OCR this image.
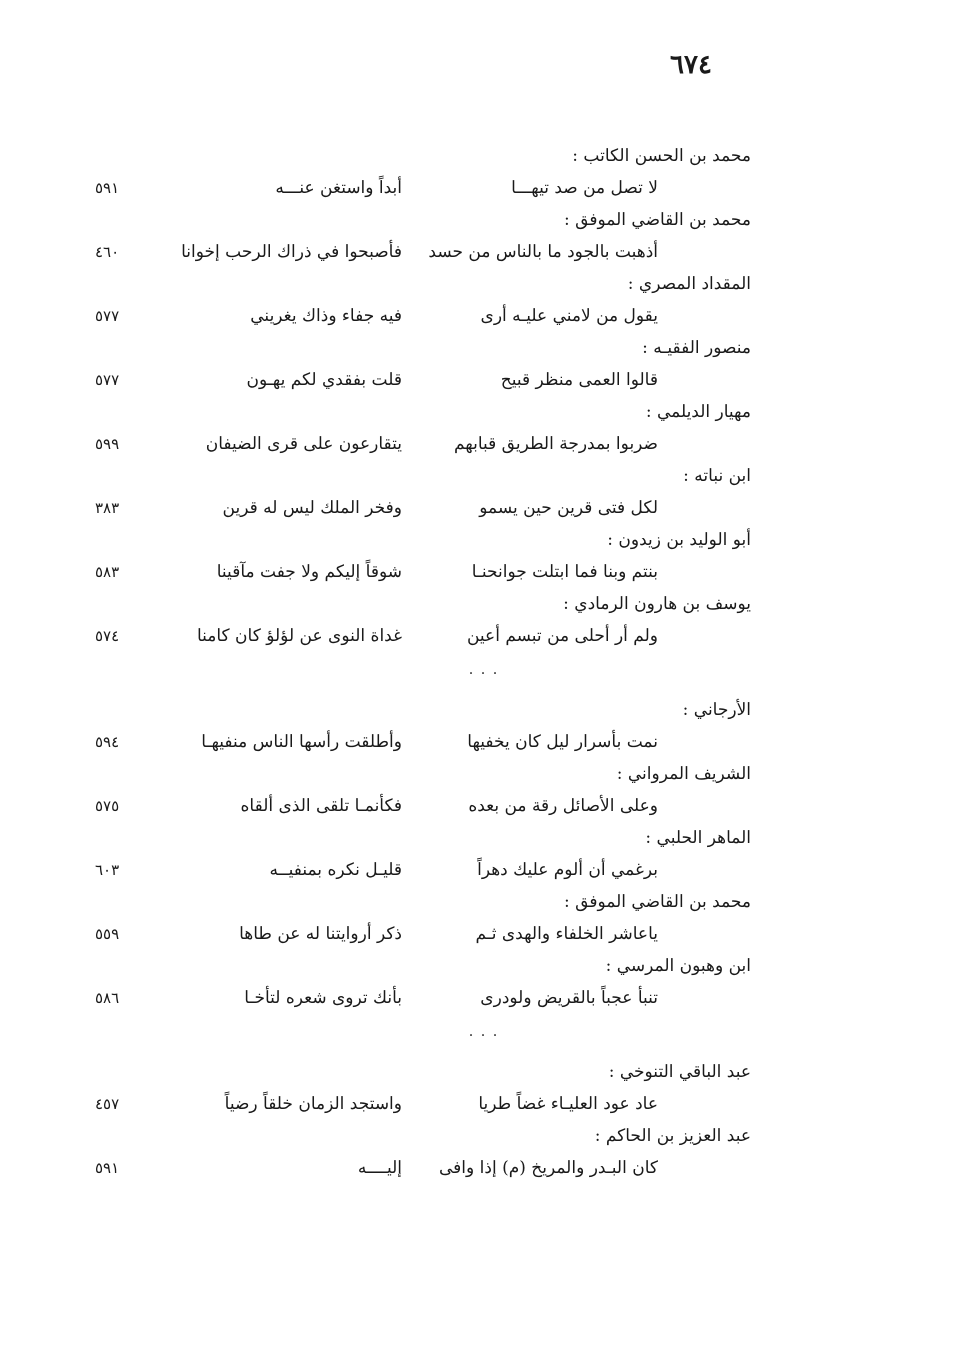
٦٧٤
محمد بن الحسن الكاتب :
لا تصل من صد تيهـــا
أبداً واستغن عنـــه
٥٩١
محمد بن القاضي الموفق :
أذهبت بالجود ما بالناس من حسد
فأصبحوا في ذراك الرحب إخوانا
٤٦٠
المقداد المصري :
يقول من لامني عليـه أرى
فيه جفاء وذاك يغريني
٥٧٧
منصور الفقيـه :
قالوا العمى منظر قبيح
قلت بفقدي لكم يهـون
٥٧٧
مهيار الديلمي :
ضربوا بمدرجة الطريق قبابهم
يتقارعون على قرى الضيفان
٥٩٩
ابن نباته :
لكل فتى قرين حين يسمو
وفخر الملك ليس له قرين
٣٨٣
أبو الوليد بن زيدون :
بنتم وبنا فما ابتلت جوانحنـا
شوقاً إليكم ولا جفت مآقينا
٥٨٣
يوسف بن هارون الرمادي :
ولم أر أحلى من تبسم أعين
غداة النوى عن لؤلؤ كان كامنا
٥٧٤
٠ ٠ ٠
الأرجاني :
نمت بأسرار ليل كان يخفيها
وأطلقت رأسها الناس منفيهـا
٥٩٤
الشريف المرواني :
وعلى الأصائل رقة من بعده
فكأنمـا تلقى الذى ألقاه
٥٧٥
الماهر الحلبي :
برغمي أن ألوم عليك دهراً
قليـل نكره بمنفيــه
٦٠٣
محمد بن القاضي الموفق :
ياعاشر الخلفاء والهدى ثـم
ذكر أروايتنا له عن طاها
٥٥٩
ابن وهبون المرسي :
تنبأ عجباً بالقريض ولودرى
بأنك تروى شعره لتأخـا
٥٨٦
٠ ٠ ٠
عبد الباقي التنوخي :
عاد عود العليـاء غضاً طريا
واستجد الزمان خلقاً رضياً
٤٥٧
عبد العزيز بن الحاكم :
كان البـدر والمريخ (م) إذا وافى
إليــــه
٥٩١
